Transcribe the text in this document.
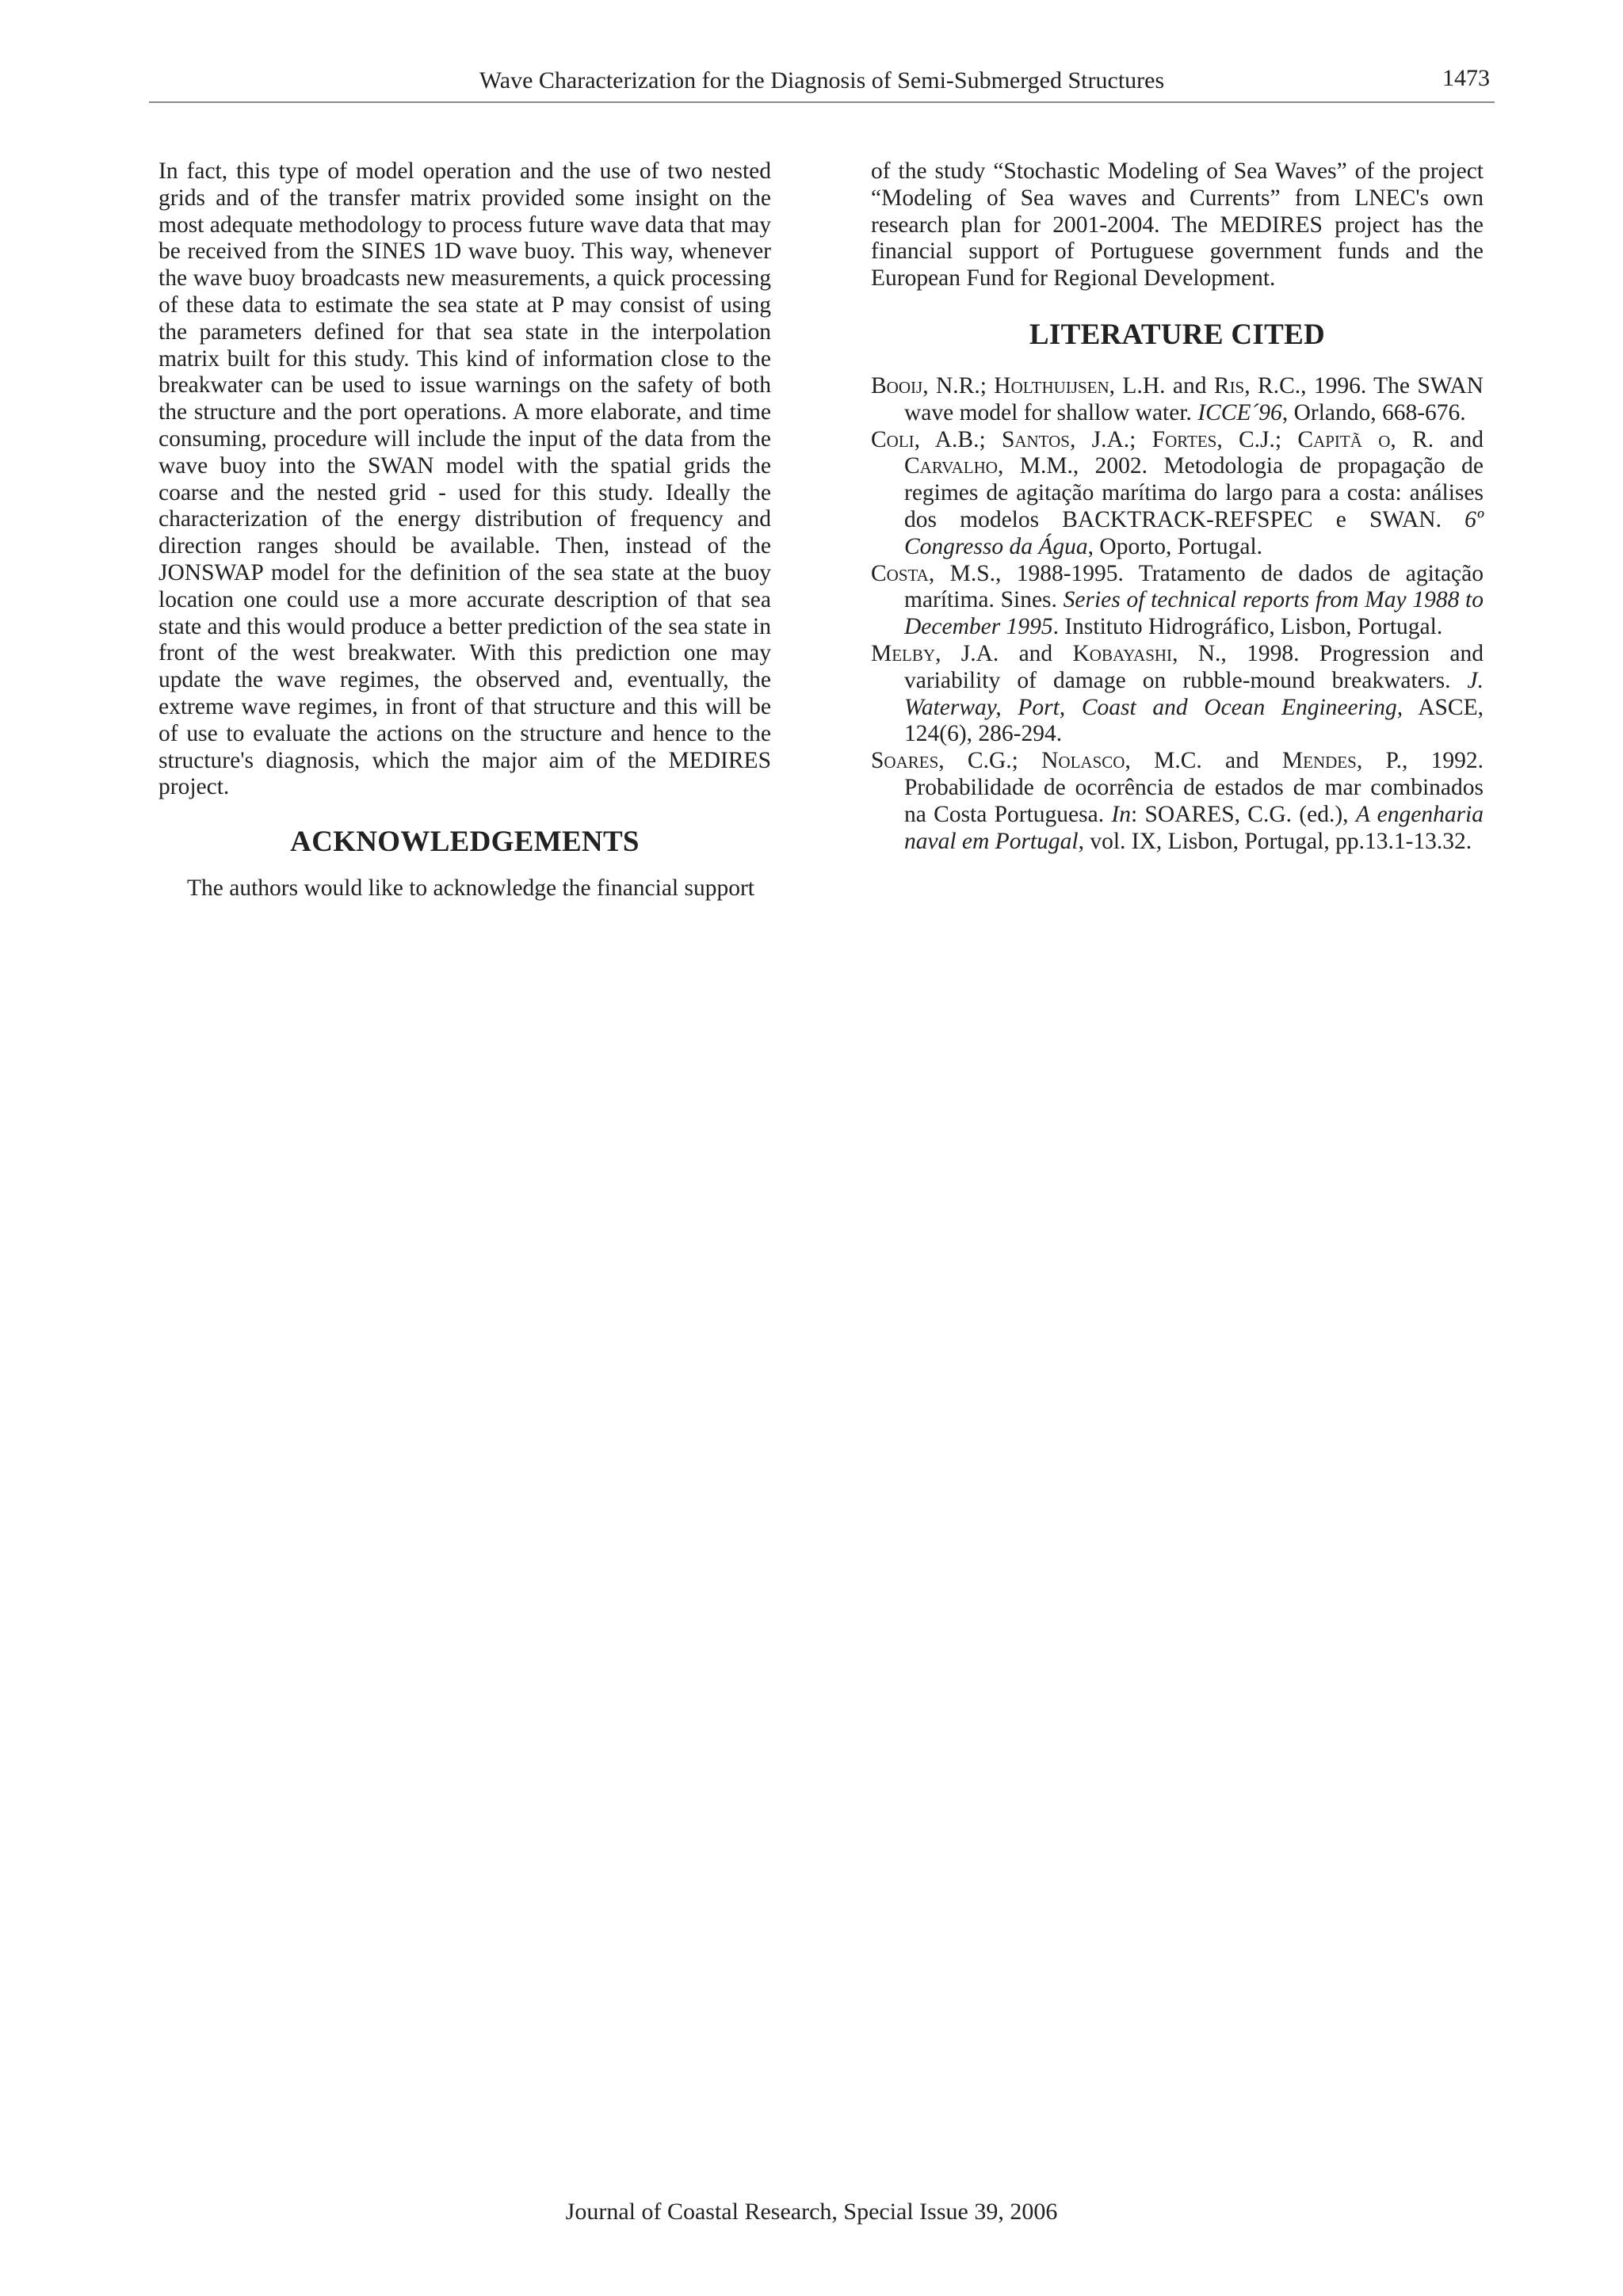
Wave Characterization for the Diagnosis of Semi-Submerged Structures	1473

In fact, this type of model operation and the use of two nested grids and of the transfer matrix provided some insight on the most adequate methodology to process future wave data that may be received from the SINES 1D wave buoy. This way, whenever the wave buoy broadcasts new measurements, a quick processing of these data to estimate the sea state at P may consist of using the parameters defined for that sea state in the interpolation matrix built for this study. This kind of information close to the breakwater can be used to issue warnings on the safety of both the structure and the port operations. A more elaborate, and time consuming, procedure will include the input of the data from the wave buoy into the SWAN model with the spatial grids the coarse and the nested grid - used for this study. Ideally the characterization of the energy distribution of frequency and direction ranges should be available. Then, instead of the JONSWAP model for the definition of the sea state at the buoy location one could use a more accurate description of that sea state and this would produce a better prediction of the sea state in front of the west breakwater. With this prediction one may update the wave regimes, the observed and, eventually, the extreme wave regimes, in front of that structure and this will be of use to evaluate the actions on the structure and hence to the structure's diagnosis, which the major aim of the MEDIRES project.

ACKNOWLEDGEMENTS

The authors would like to acknowledge the financial support

of the study “Stochastic Modeling of Sea Waves” of the project “Modeling of Sea waves and Currents” from LNEC's own research plan for 2001-2004. The MEDIRES project has the financial support of Portuguese government funds and the European Fund for Regional Development.

LITERATURE CITED

Booij, N.R.; Holthuijsen, L.H. and Ris, R.C., 1996. The SWAN wave model for shallow water. ICCE´96, Orlando, 668-676.

Coli, A.B.; Santos, J.A.; Fortes, C.J.; Capitã o, R. and Carvalho, M.M., 2002. Metodologia de propagação de regimes de agitação marítima do largo para a costa: análises dos modelos BACKTRACK-REFSPEC e SWAN. 6º Congresso da Água, Oporto, Portugal.

Costa, M.S., 1988-1995. Tratamento de dados de agitação marítima. Sines. Series of technical reports from May 1988 to December 1995. Instituto Hidrográfico, Lisbon, Portugal.

Melby, J.A. and Kobayashi, N., 1998. Progression and variability of damage on rubble-mound breakwaters. J. Waterway, Port, Coast and Ocean Engineering, ASCE, 124(6), 286-294.

Soares, C.G.; Nolasco, M.C. and Mendes, P., 1992. Probabilidade de ocorrência de estados de mar combinados na Costa Portuguesa. In: SOARES, C.G. (ed.), A engenharia naval em Portugal, vol. IX, Lisbon, Portugal, pp.13.1-13.32.

Journal of Coastal Research, Special Issue 39, 2006
